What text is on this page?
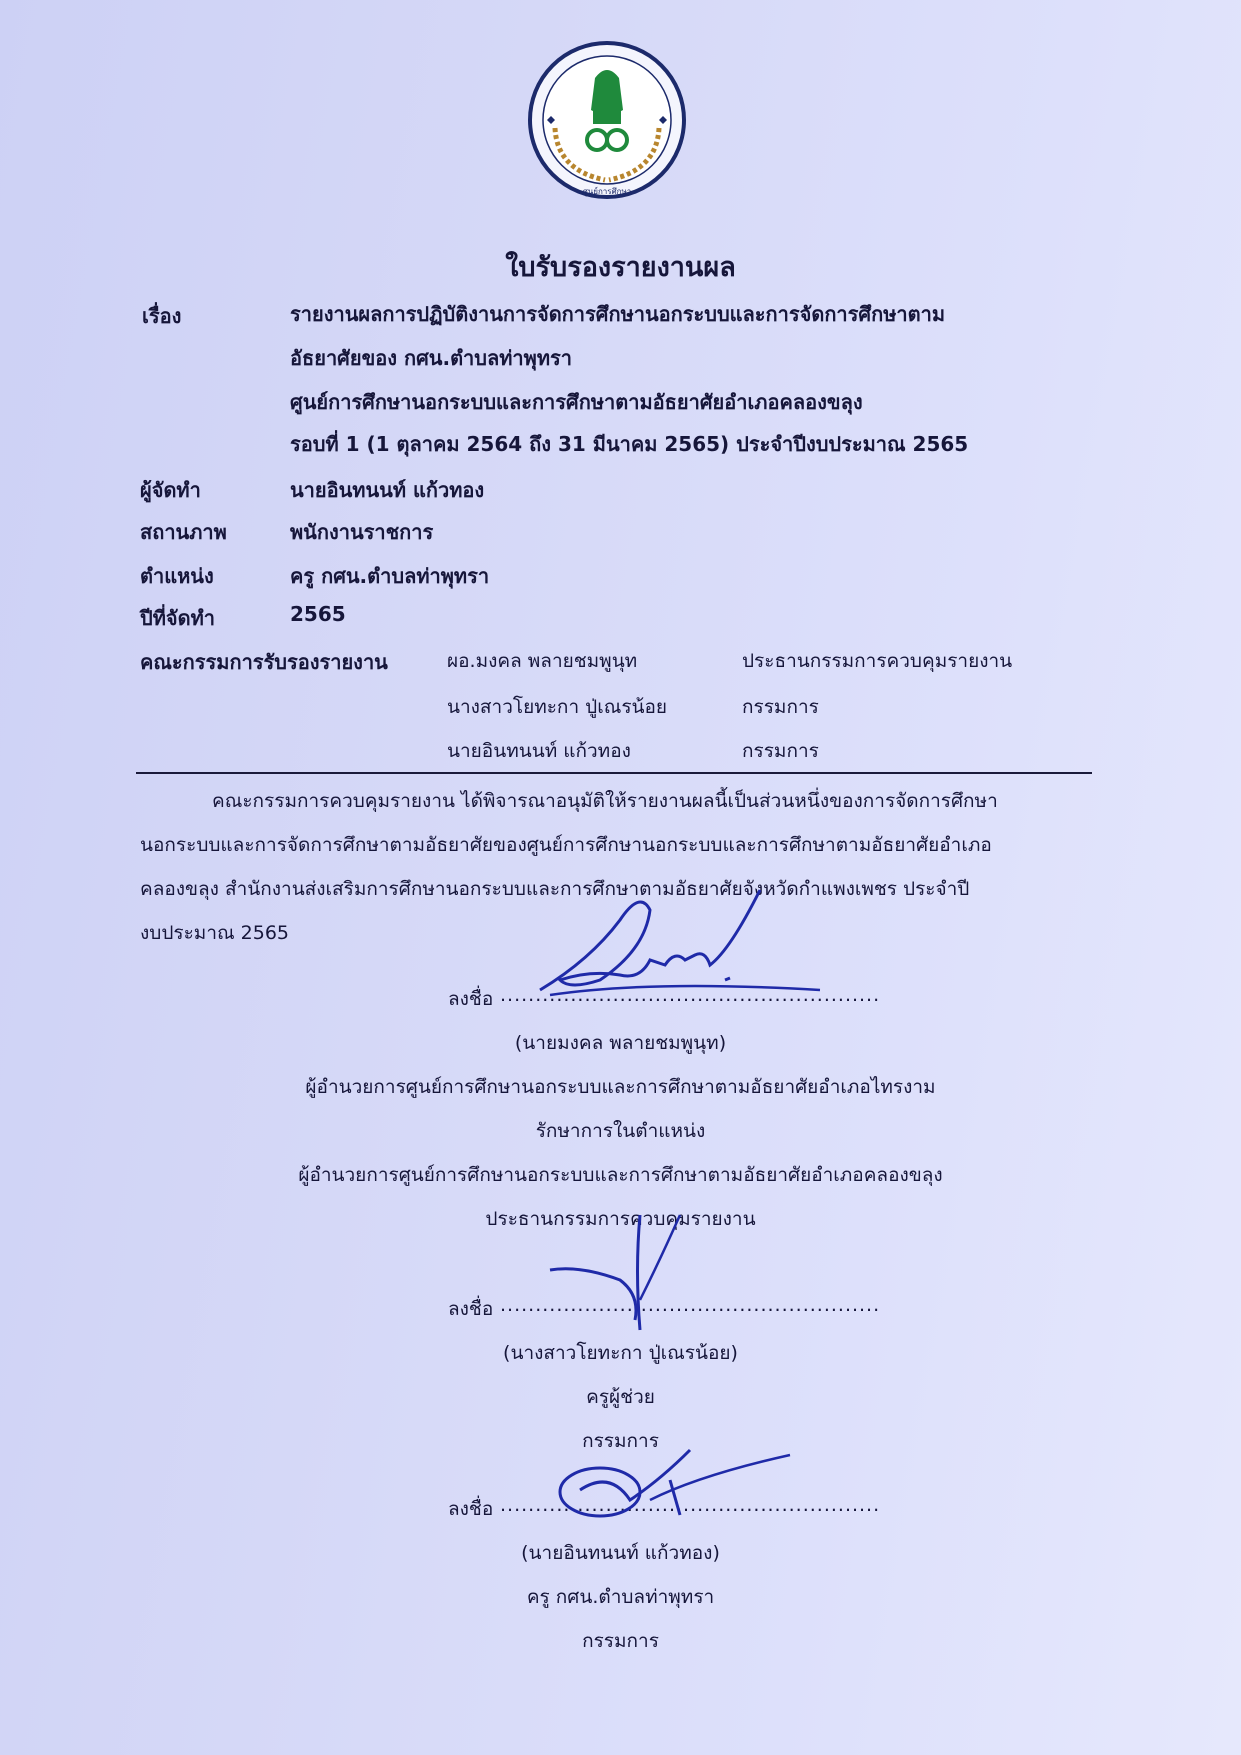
ศูนย์การศึกษา
ใบรับรองรายงานผล
เรื่อง	รายงานผลการปฏิบัติงานการจัดการศึกษานอกระบบและการจัดการศึกษาตาม
อัธยาศัยของ กศน.ตำบลท่าพุทรา
ศูนย์การศึกษานอกระบบและการศึกษาตามอัธยาศัยอำเภอคลองขลุง
รอบที่ 1 (1 ตุลาคม 2564 ถึง 31 มีนาคม 2565) ประจำปีงบประมาณ 2565
ผู้จัดทำ	นายอินทนนท์ แก้วทอง
สถานภาพ	พนักงานราชการ
ตำแหน่ง	ครู กศน.ตำบลท่าพุทรา
ปีที่จัดทำ	2565
คณะกรรมการรับรองรายงาน	ผอ.มงคล พลายชมพูนุท	ประธานกรรมการควบคุมรายงาน
นางสาวโยทะกา ปู่เณรน้อย	กรรมการ
นายอินทนนท์ แก้วทอง	กรรมการ
คณะกรรมการควบคุมรายงาน ได้พิจารณาอนุมัติให้รายงานผลนี้เป็นส่วนหนึ่งของการจัดการศึกษา
นอกระบบและการจัดการศึกษาตามอัธยาศัยของศูนย์การศึกษานอกระบบและการศึกษาตามอัธยาศัยอำเภอ
คลองขลุง สำนักงานส่งเสริมการศึกษานอกระบบและการศึกษาตามอัธยาศัยจังหวัดกำแพงเพชร ประจำปี
งบประมาณ 2565
ลงชื่อ ......................................................
(นายมงคล พลายชมพูนุท)
ผู้อำนวยการศูนย์การศึกษานอกระบบและการศึกษาตามอัธยาศัยอำเภอไทรงาม
รักษาการในตำแหน่ง
ผู้อำนวยการศูนย์การศึกษานอกระบบและการศึกษาตามอัธยาศัยอำเภอคลองขลุง
ประธานกรรมการควบคุมรายงาน
ลงชื่อ ......................................................
(นางสาวโยทะกา ปู่เณรน้อย)
ครูผู้ช่วย
กรรมการ
ลงชื่อ ......................................................
(นายอินทนนท์ แก้วทอง)
ครู กศน.ตำบลท่าพุทรา
กรรมการ
